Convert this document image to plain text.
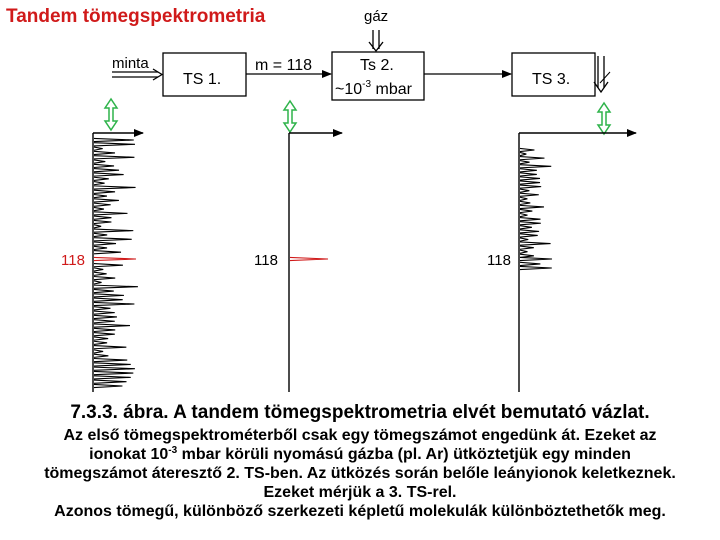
Tandem tömegspektrometria	gáz
minta
TS 1.
m = 118	Ts 2.
$\sim 10^{-3}$ mbar
TS 3.
118	118	118
7.3.3. ábra. A tandem tömegspektrometria elvét bemutató vázlat.
Az első tömegspektrométerből csak egy tömegszámot engedünk át. Ezeket az
ionokat $10^{-3}$ mbar körüli nyomású gázba (pl. Ar) ütköztetjük egy minden
tömegszámot áteresztő 2. TS-ben. Az ütközés során belőle leányionok keletkeznek.
Ezeket mérjük a 3. TS-rel.
Azonos tömegű, különböző szerkezeti képletű molekulák különböztethetők meg.
